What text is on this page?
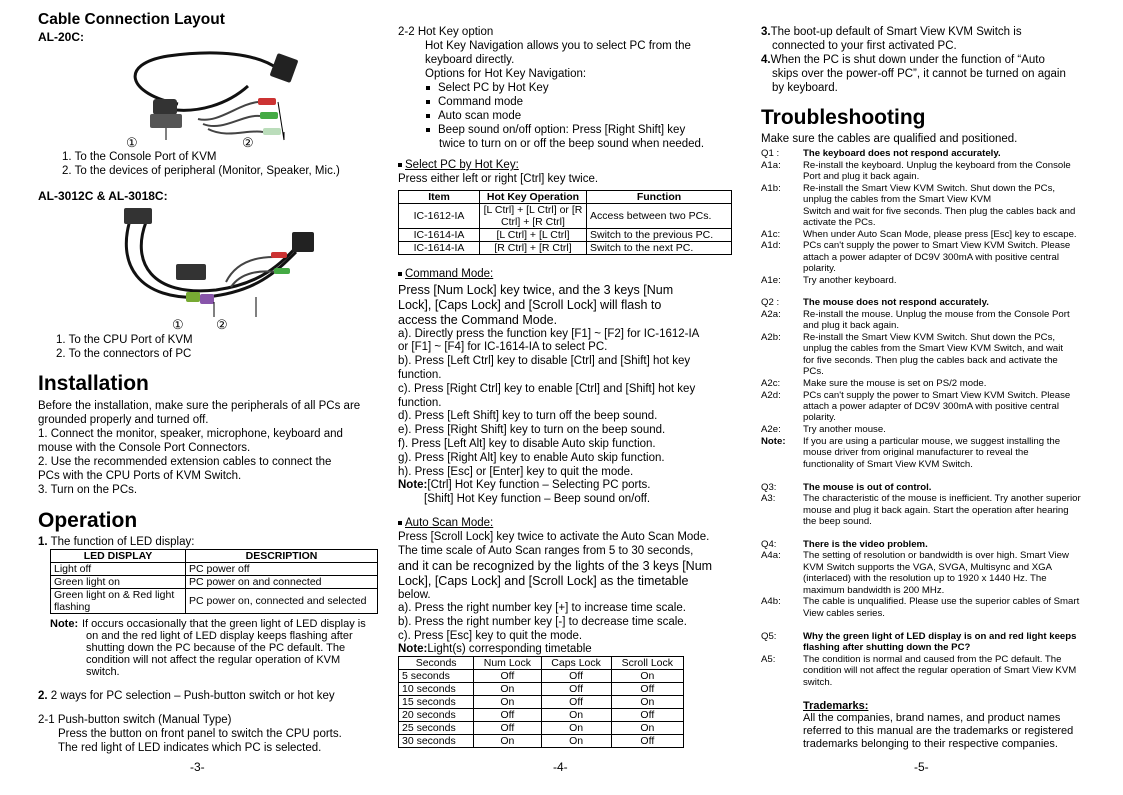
Cable Connection Layout
AL-20C:
①	②
1. To the Console Port of KVM
2. To the devices of peripheral (Monitor, Speaker, Mic.)
AL-3012C & AL-3018C:
① ②
1. To the CPU Port of KVM
2. To the connectors of PC
Installation
Before the installation, make sure the peripherals of all PCs are
grounded properly and turned off.
1. Connect the monitor, speaker, microphone, keyboard and
mouse with the Console Port Connectors.
2. Use the recommended extension cables to connect the
PCs with the CPU Ports of KVM Switch.
3. Turn on the PCs.
Operation
1. The function of LED display:
LED DISPLAY	DESCRIPTION
Light off	PC power off
Green light on	PC power on and connected
Green light on & Red light flashing	PC power on, connected and selected
Note: If occurs occasionally that the green light of LED display is
on and the red light of LED display keeps flashing after
shutting down the PC because of the PC default. The
condition will not affect the regular operation of KVM
switch.
2. 2 ways for PC selection – Push-button switch or hot key
2-1 Push-button switch (Manual Type)
Press the button on front panel to switch the CPU ports.
The red light of LED indicates which PC is selected.
-3-
2-2 Hot Key option
Hot Key Navigation allows you to select PC from the
keyboard directly.
Options for Hot Key Navigation:
Select PC by Hot Key
Command mode
Auto scan mode
Beep sound on/off option: Press [Right Shift] key
twice to turn on or off the beep sound when needed.
Select PC by Hot Key:
Press either left or right [Ctrl] key twice.
Item	Hot Key Operation	Function
IC-1612-IA	[L Ctrl] + [L Ctrl] or [R Ctrl] + [R Ctrl]	Access between two PCs.
IC-1614-IA	[L Ctrl] + [L Ctrl]	Switch to the previous PC.
IC-1614-IA	[R Ctrl] + [R Ctrl]	Switch to the next PC.
Command Mode:
Press [Num Lock] key twice, and the 3 keys [Num
Lock], [Caps Lock] and [Scroll Lock] will flash to
access the Command Mode.
a). Directly press the function key [F1] ~ [F2] for IC-1612-IA
or [F1] ~ [F4] for IC-1614-IA to select PC.
b). Press [Left Ctrl] key to disable [Ctrl] and [Shift] hot key
function.
c). Press [Right Ctrl] key to enable [Ctrl] and [Shift] hot key
function.
d). Press [Left Shift] key to turn off the beep sound.
e). Press [Right Shift] key to turn on the beep sound.
f). Press [Left Alt] key to disable Auto skip function.
g). Press [Right Alt] key to enable Auto skip function.
h). Press [Esc] or [Enter] key to quit the mode.
Note:[Ctrl] Hot Key function – Selecting PC ports.
[Shift] Hot Key function – Beep sound on/off.
Auto Scan Mode:
Press [Scroll Lock] key twice to activate the Auto Scan Mode.
The time scale of Auto Scan ranges from 5 to 30 seconds,
and it can be recognized by the lights of the 3 keys [Num
Lock], [Caps Lock] and [Scroll Lock] as the timetable
below.
a). Press the right number key [+] to increase time scale.
b). Press the right number key [-] to decrease time scale.
c). Press [Esc] key to quit the mode.
Note:Light(s) corresponding timetable
Seconds	Num Lock	Caps Lock	Scroll Lock
5 seconds	Off	Off	On
10 seconds	On	Off	Off
15 seconds	On	Off	On
20 seconds	Off	On	Off
25 seconds	Off	On	On
30 seconds	On	On	Off
-4-
3.The boot-up default of Smart View KVM Switch is
connected to your first activated PC.
4.When the PC is shut down under the function of “Auto
skips over the power-off PC”, it cannot be turned on again
by keyboard.
Troubleshooting
Make sure the cables are qualified and positioned.
Q1 : The keyboard does not respond accurately.
A1a: Re-install the keyboard. Unplug the keyboard from the Console
Port and plug it back again.
A1b: Re-install the Smart View KVM Switch. Shut down the PCs,
unplug the cables from the Smart View KVM
Switch and wait for five seconds. Then plug the cables back and
activate the PCs.
A1c: When under Auto Scan Mode, please press [Esc] key to escape.
A1d: PCs can't supply the power to Smart View KVM Switch. Please
attach a power adapter of DC9V 300mA with positive central
polarity.
A1e: Try another keyboard.
Q2 : The mouse does not respond accurately.
A2a: Re-install the mouse. Unplug the mouse from the Console Port
and plug it back again.
A2b: Re-install the Smart View KVM Switch. Shut down the PCs,
unplug the cables from the Smart View KVM Switch, and wait
for five seconds. Then plug the cables back and activate the
PCs.
A2c: Make sure the mouse is set on PS/2 mode.
A2d: PCs can't supply the power to Smart View KVM Switch. Please
attach a power adapter of DC9V 300mA with positive central
polarity.
A2e: Try another mouse.
Note: If you are using a particular mouse, we suggest installing the
mouse driver from original manufacturer to reveal the
functionality of Smart View KVM Switch.
Q3:	The mouse is out of control.
A3:	The characteristic of the mouse is inefficient. Try another superior
mouse and plug it back again. Start the operation after hearing
the beep sound.
Q4:	There is the video problem.
A4a: The setting of resolution or bandwidth is over high. Smart View
KVM Switch supports the VGA, SVGA, Multisync and XGA
(interlaced) with the resolution up to 1920 x 1440 Hz. The
maximum bandwidth is 200 MHz.
A4b: The cable is unqualified. Please use the superior cables of Smart
View cables series.
Q5:	Why the green light of LED display is on and red light keeps
flashing after shutting down the PC?
A5:	The condition is normal and caused from the PC default. The
condition will not affect the regular operation of Smart View KVM
switch.
Trademarks:
All the companies, brand names, and product names
referred to this manual are the trademarks or registered
trademarks belonging to their respective companies.
-5-
